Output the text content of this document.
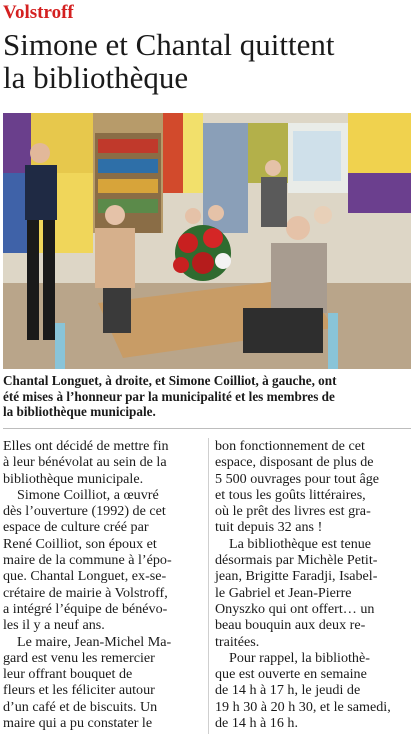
Volstroff
Simone et Chantal quittent
la bibliothèque
Chantal Longuet, à droite, et Simone Coilliot, à gauche, ont
été mises à l’honneur par la municipalité et les membres de
la bibliothèque municipale.
Elles ont décidé de mettre fin
à leur bénévolat au sein de la
bibliothèque municipale.
Simone Coilliot, a œuvré
dès l’ouverture (1992) de cet
espace de culture créé par
René Coilliot, son époux et
maire de la commune à l’épo-
que. Chantal Longuet, ex-se-
crétaire de mairie à Volstroff,
a intégré l’équipe de bénévo-
les il y a neuf ans.
Le maire, Jean-Michel Ma-
gard est venu les remercier
leur offrant bouquet de
fleurs et les féliciter autour
d’un café et de biscuits. Un
maire qui a pu constater le
bon fonctionnement de cet
espace, disposant de plus de
5 500 ouvrages pour tout âge
et tous les goûts littéraires,
où le prêt des livres est gra-
tuit depuis 32 ans !
La bibliothèque est tenue
désormais par Michèle Petit-
jean, Brigitte Faradji, Isabel-
le Gabriel et Jean-Pierre
Onyszko qui ont offert… un
beau bouquin aux deux re-
traitées.
Pour rappel, la bibliothè-
que est ouverte en semaine
de 14 h à 17 h, le jeudi de
19 h 30 à 20 h 30, et le samedi,
de 14 h à 16 h.
